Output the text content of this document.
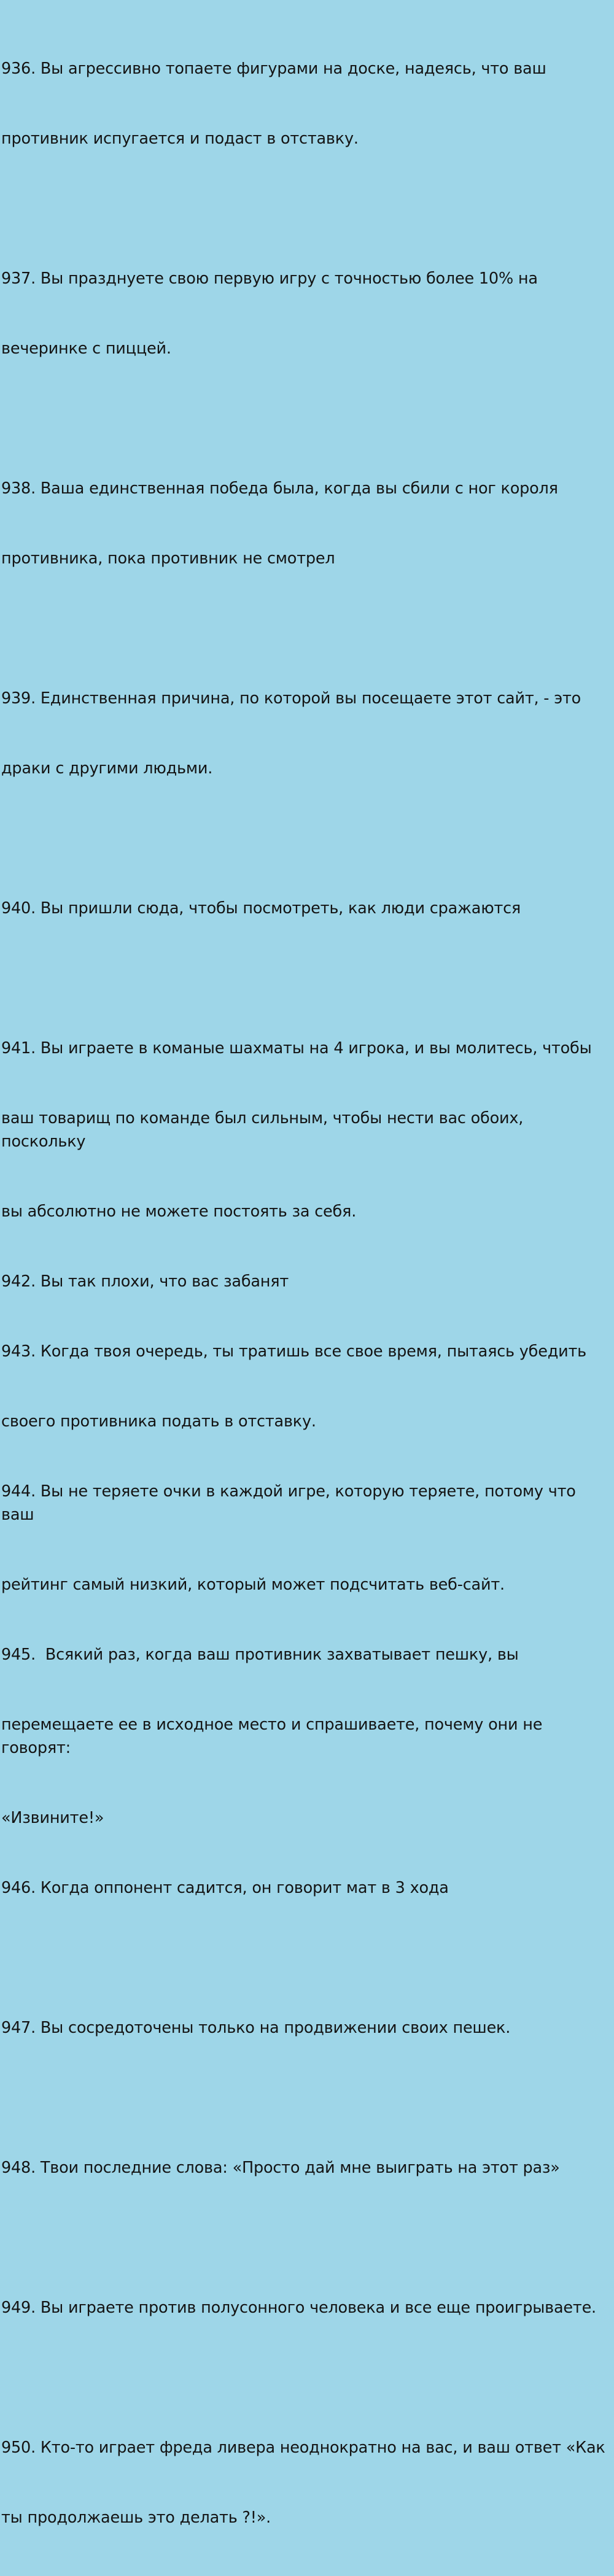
936. Вы агрессивно топаете фигурами на доске, надеясь, что ваш

противник испугается и подаст в отставку.

937. Вы празднуете свою первую игру с точностью более 10% на

вечеринке с пиццей.

938. Ваша единственная победа была, когда вы сбили с ног короля

противника, пока противник не смотрел

939. Единственная причина, по которой вы посещаете этот сайт, - это

драки с другими людьми.

940. Вы пришли сюда, чтобы посмотреть, как люди сражаются

941. Вы играете в команые шахматы на 4 игрока, и вы молитесь, чтобы

ваш товарищ по команде был сильным, чтобы нести вас обоих, поскольку

вы абсолютно не можете постоять за себя.

942. Вы так плохи, что вас забанят

943. Когда твоя очередь, ты тратишь все свое время, пытаясь убедить

своего противника подать в отставку.

944. Вы не теряете очки в каждой игре, которую теряете, потому что ваш

рейтинг самый низкий, который может подсчитать веб-сайт.

945.  Всякий раз, когда ваш противник захватывает пешку, вы

перемещаете ее в исходное место и спрашиваете, почему они не говорят:

«Извините!»

946. Когда оппонент садится, он говорит мат в 3 хода

947. Вы сосредоточены только на продвижении своих пешек.

948. Твои последние слова: «Просто дай мне выиграть на этот раз»

949. Вы играете против полусонного человека и все еще проигрываете.

950. Кто-то играет фреда ливера неоднократно на вас, и ваш ответ «Как

ты продолжаешь это делать ?!».
